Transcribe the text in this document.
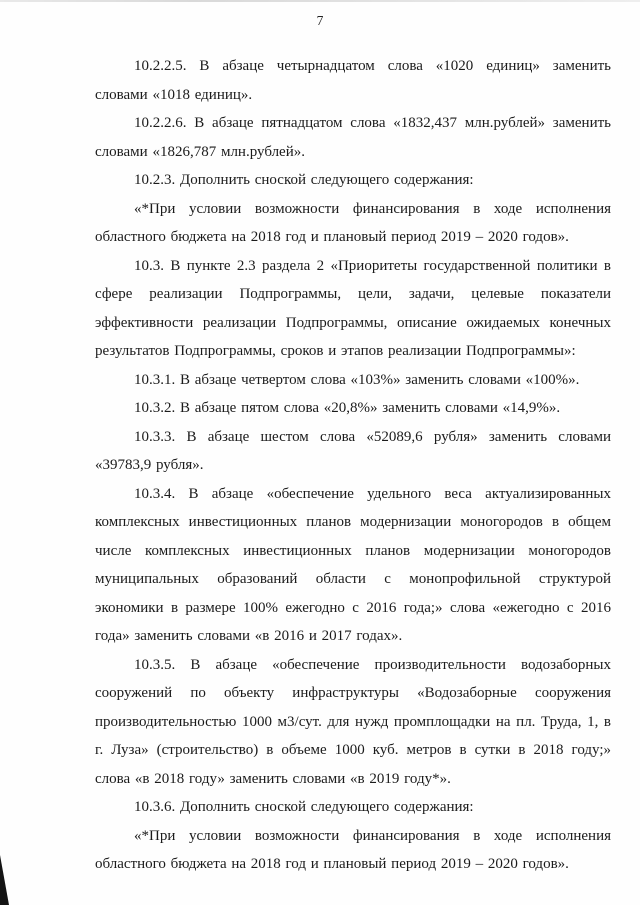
7

10.2.2.5. В абзаце четырнадцатом слова «1020 единиц» заменить словами «1018 единиц».

10.2.2.6. В абзаце пятнадцатом слова «1832,437 млн.рублей» заменить словами «1826,787 млн.рублей».

10.2.3. Дополнить сноской следующего содержания:

«*При условии возможности финансирования в ходе исполнения областного бюджета на 2018 год и плановый период 2019 – 2020 годов».

10.3. В пункте 2.3 раздела 2 «Приоритеты государственной политики в сфере реализации Подпрограммы, цели, задачи, целевые показатели эффективности реализации Подпрограммы, описание ожидаемых конечных результатов Подпрограммы, сроков и этапов реализации Подпрограммы»:

10.3.1. В абзаце четвертом слова «103%» заменить словами «100%».

10.3.2. В абзаце пятом слова «20,8%» заменить словами «14,9%».

10.3.3. В абзаце шестом слова «52089,6 рубля» заменить словами «39783,9 рубля».

10.3.4. В абзаце «обеспечение удельного веса актуализированных комплексных инвестиционных планов модернизации моногородов в общем числе комплексных инвестиционных планов модернизации моногородов муниципальных образований области с монопрофильной структурой экономики в размере 100% ежегодно с 2016 года;» слова «ежегодно с 2016 года» заменить словами «в 2016 и 2017 годах».

10.3.5. В абзаце «обеспечение производительности водозаборных сооружений по объекту инфраструктуры «Водозаборные сооружения производительностью 1000 м3/сут. для нужд промплощадки на пл. Труда, 1, в г. Луза» (строительство) в объеме 1000 куб. метров в сутки в 2018 году;» слова «в 2018 году» заменить словами «в 2019 году*».

10.3.6. Дополнить сноской следующего содержания:

«*При условии возможности финансирования в ходе исполнения областного бюджета на 2018 год и плановый период 2019 – 2020 годов».
